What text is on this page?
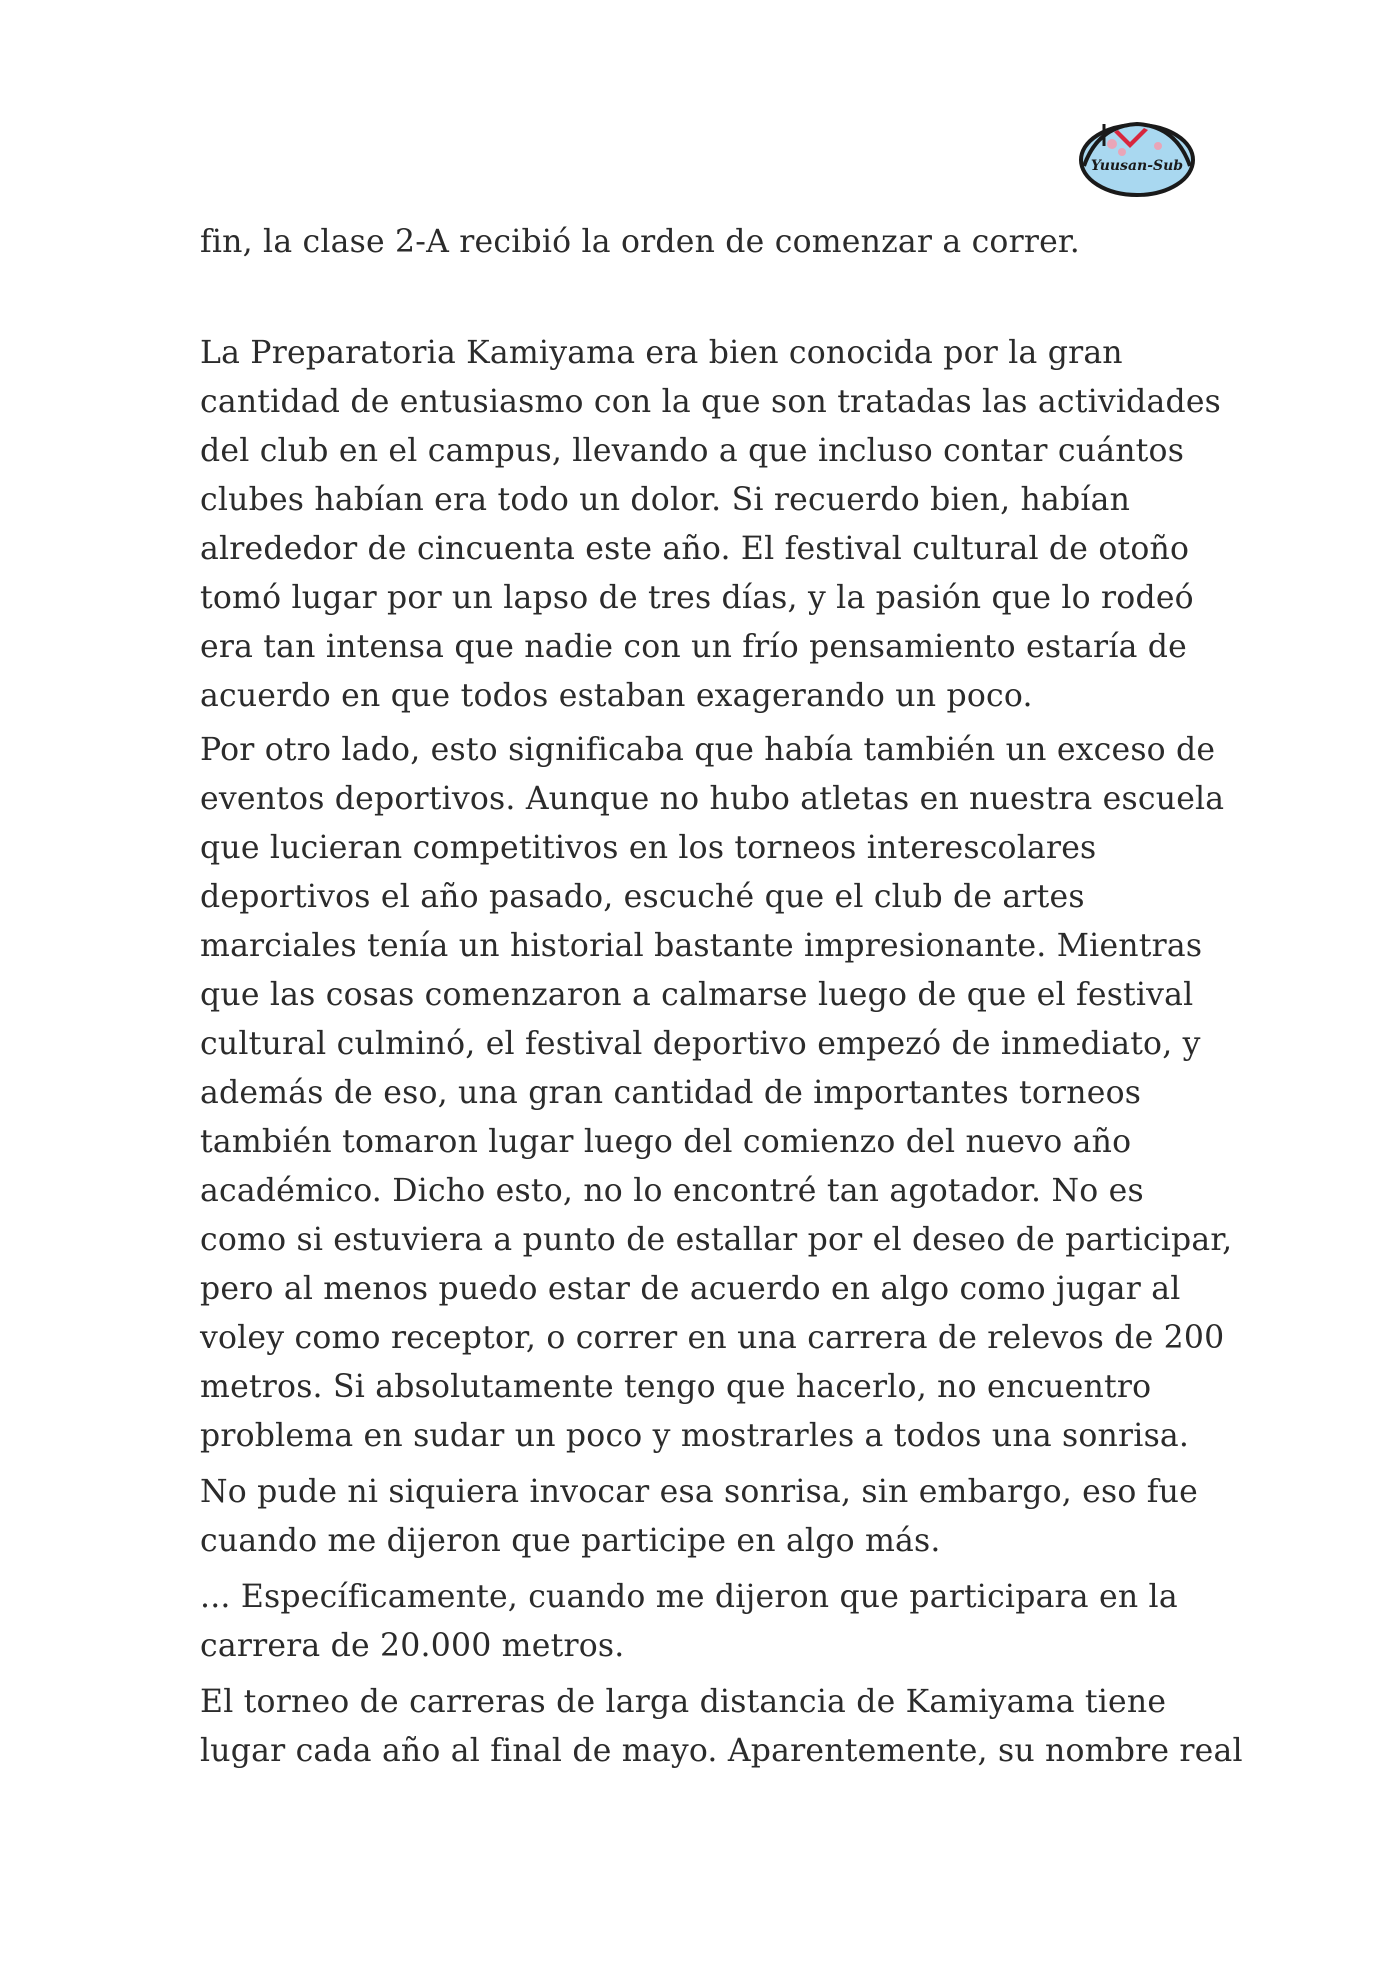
Yuusan-Sub
fin, la clase 2-A recibió la orden de comenzar a correr.
La Preparatoria Kamiyama era bien conocida por la gran
cantidad de entusiasmo con la que son tratadas las actividades
del club en el campus, llevando a que incluso contar cuántos
clubes habían era todo un dolor. Si recuerdo bien, habían
alrededor de cincuenta este año. El festival cultural de otoño
tomó lugar por un lapso de tres días, y la pasión que lo rodeó
era tan intensa que nadie con un frío pensamiento estaría de
acuerdo en que todos estaban exagerando un poco.
Por otro lado, esto significaba que había también un exceso de
eventos deportivos. Aunque no hubo atletas en nuestra escuela
que lucieran competitivos en los torneos interescolares
deportivos el año pasado, escuché que el club de artes
marciales tenía un historial bastante impresionante. Mientras
que las cosas comenzaron a calmarse luego de que el festival
cultural culminó, el festival deportivo empezó de inmediato, y
además de eso, una gran cantidad de importantes torneos
también tomaron lugar luego del comienzo del nuevo año
académico. Dicho esto, no lo encontré tan agotador. No es
como si estuviera a punto de estallar por el deseo de participar,
pero al menos puedo estar de acuerdo en algo como jugar al
voley como receptor, o correr en una carrera de relevos de 200
metros. Si absolutamente tengo que hacerlo, no encuentro
problema en sudar un poco y mostrarles a todos una sonrisa.
No pude ni siquiera invocar esa sonrisa, sin embargo, eso fue
cuando me dijeron que participe en algo más.
... Específicamente, cuando me dijeron que participara en la
carrera de 20.000 metros.
El torneo de carreras de larga distancia de Kamiyama tiene
lugar cada año al final de mayo. Aparentemente, su nombre real
